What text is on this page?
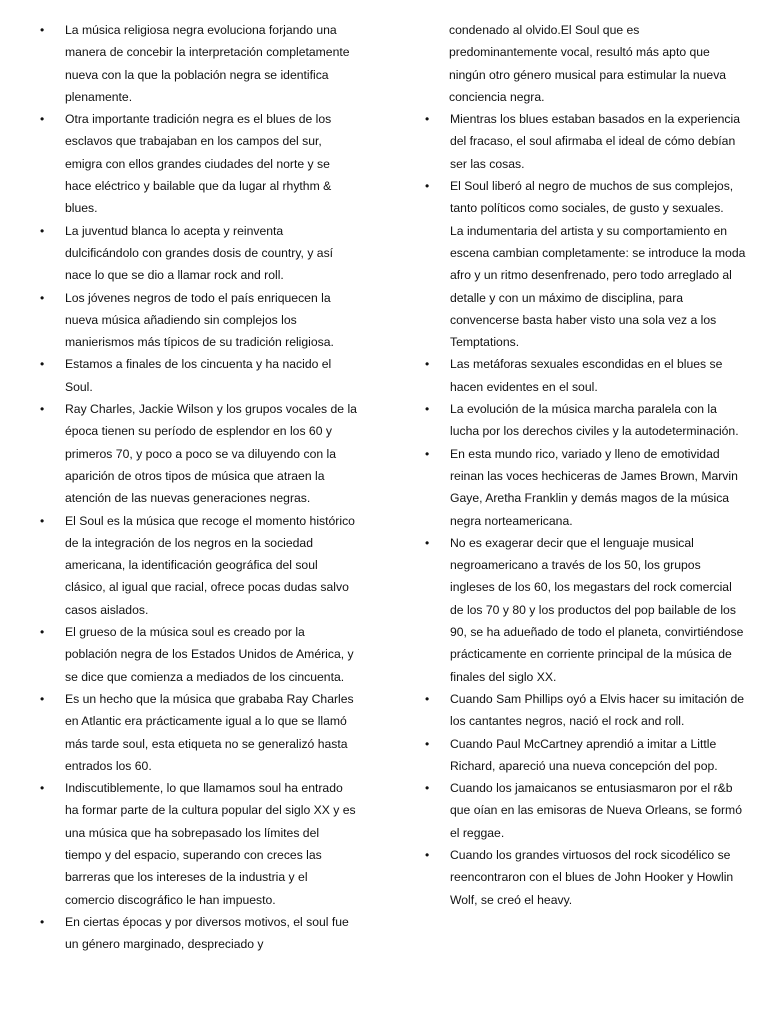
• La música religiosa negra evoluciona forjando una manera de concebir la interpretación completamente nueva con la que la población negra se identifica plenamente.
• Otra importante tradición negra es el blues de los esclavos que trabajaban en los campos del sur, emigra con ellos grandes ciudades del norte y se hace eléctrico y bailable que da lugar al rhythm & blues.
• La juventud blanca lo acepta y reinventa dulcificándolo con grandes dosis de country, y así nace lo que se dio a llamar rock and roll.
• Los jóvenes negros de todo el país enriquecen la nueva música añadiendo sin complejos los manierismos más típicos de su tradición religiosa.
• Estamos a finales de los cincuenta y ha nacido el Soul.
• Ray Charles, Jackie Wilson y los grupos vocales de la época tienen su período de esplendor en los 60 y primeros 70, y poco a poco se va diluyendo con la aparición de otros tipos de música que atraen la atención de las nuevas generaciones negras.
• El Soul es la música que recoge el momento histórico de la integración de los negros en la sociedad americana, la identificación geográfica del soul clásico, al igual que racial, ofrece pocas dudas salvo casos aislados.
• El grueso de la música soul es creado por la población negra de los Estados Unidos de América, y se dice que comienza a mediados de los cincuenta.
• Es un hecho que la música que grababa Ray Charles en Atlantic era prácticamente igual a lo que se llamó más tarde soul, esta etiqueta no se generalizó hasta entrados los 60.
• Indiscutiblemente, lo que llamamos soul ha entrado ha formar parte de la cultura popular del siglo XX y es una música que ha sobrepasado los límites del tiempo y del espacio, superando con creces las barreras que los intereses de la industria y el comercio discográfico le han impuesto.
• En ciertas épocas y por diversos motivos, el soul fue un género marginado, despreciado y
condenado al olvido.El Soul que es predominantemente vocal, resultó más apto que ningún otro género musical para estimular la nueva conciencia negra.
• Mientras los blues estaban basados en la experiencia del fracaso, el soul afirmaba el ideal de cómo debían ser las cosas.
• El Soul liberó al negro de muchos de sus complejos, tanto políticos como sociales, de gusto y sexuales.
La indumentaria del artista y su comportamiento en escena cambian completamente: se introduce la moda afro y un ritmo desenfrenado, pero todo arreglado al detalle y con un máximo de disciplina, para convencerse basta haber visto una sola vez a los Temptations.
• Las metáforas sexuales escondidas en el blues se hacen evidentes en el soul.
• La evolución de la música marcha paralela con la lucha por los derechos civiles y la autodeterminación.
• En esta mundo rico, variado y lleno de emotividad reinan las voces hechiceras de James Brown, Marvin Gaye, Aretha Franklin y demás magos de la música negra norteamericana.
• No es exagerar decir que el lenguaje musical negroamericano a través de los 50, los grupos ingleses de los 60, los megastars del rock comercial de los 70 y 80 y los productos del pop bailable de los 90, se ha adueñado de todo el planeta, convirtiéndose prácticamente en corriente principal de la música de finales del siglo XX.
• Cuando Sam Phillips oyó a Elvis hacer su imitación de los cantantes negros, nació el rock and roll.
• Cuando Paul McCartney aprendió a imitar a Little Richard, apareció una nueva concepción del pop.
• Cuando los jamaicanos se entusiasmaron por el r&b que oían en las emisoras de Nueva Orleans, se formó el reggae.
• Cuando los grandes virtuosos del rock sicodélico se reencontraron con el blues de John Hooker y Howlin Wolf, se creó el heavy.
